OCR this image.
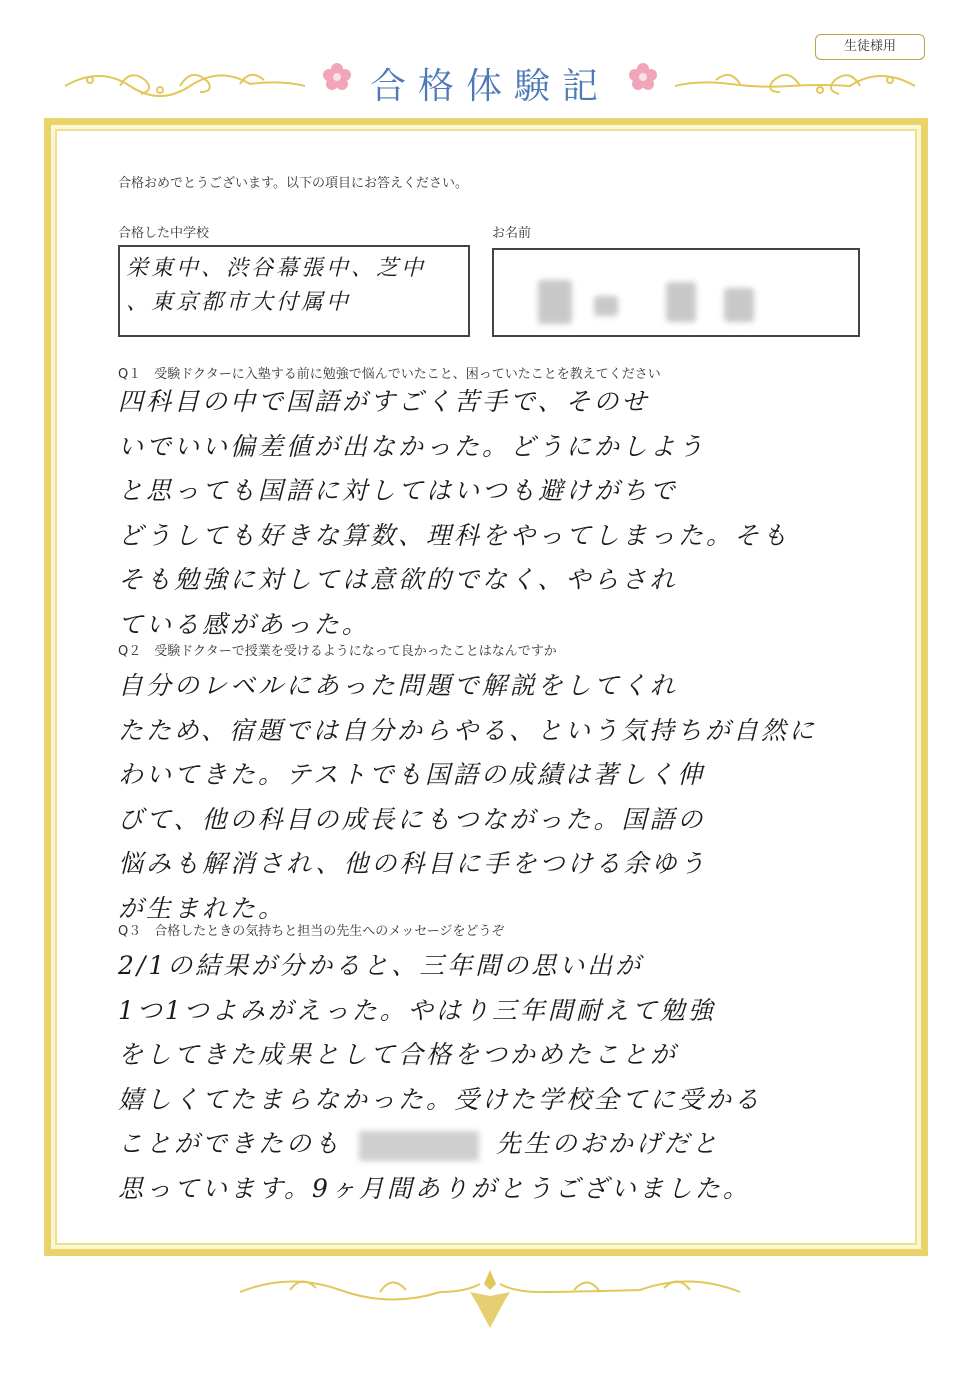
生徒様用
合格体験記
合格おめでとうございます。以下の項目にお答えください。
合格した中学校
栄東中、渋谷幕張中、芝中
、東京都市大付属中
お名前
Q１　受験ドクターに入塾する前に勉強で悩んでいたこと、困っていたことを教えてください
四科目の中で国語がすごく苦手で、そのせ
いでいい偏差値が出なかった。どうにかしよう
と思っても国語に対してはいつも避けがちで
どうしても好きな算数、理科をやってしまった。そも
そも勉強に対しては意欲的でなく、やらされ
ている感があった。
Q２　受験ドクターで授業を受けるようになって良かったことはなんですか
自分のレベルにあった問題で解説をしてくれ
たため、宿題では自分からやる、という気持ちが自然に
わいてきた。テストでも国語の成績は著しく伸
びて、他の科目の成長にもつながった。国語の
悩みも解消され、他の科目に手をつける余ゆう
が生まれた。
Q３　合格したときの気持ちと担当の先生へのメッセージをどうぞ
2/1の結果が分かると、三年間の思い出が
1つ1つよみがえった。やはり三年間耐えて勉強
をしてきた成果として合格をつかめたことが
嬉しくてたまらなかった。受けた学校全てに受かる
ことができたのも	先生のおかげだと
思っています。9ヶ月間ありがとうございました。
